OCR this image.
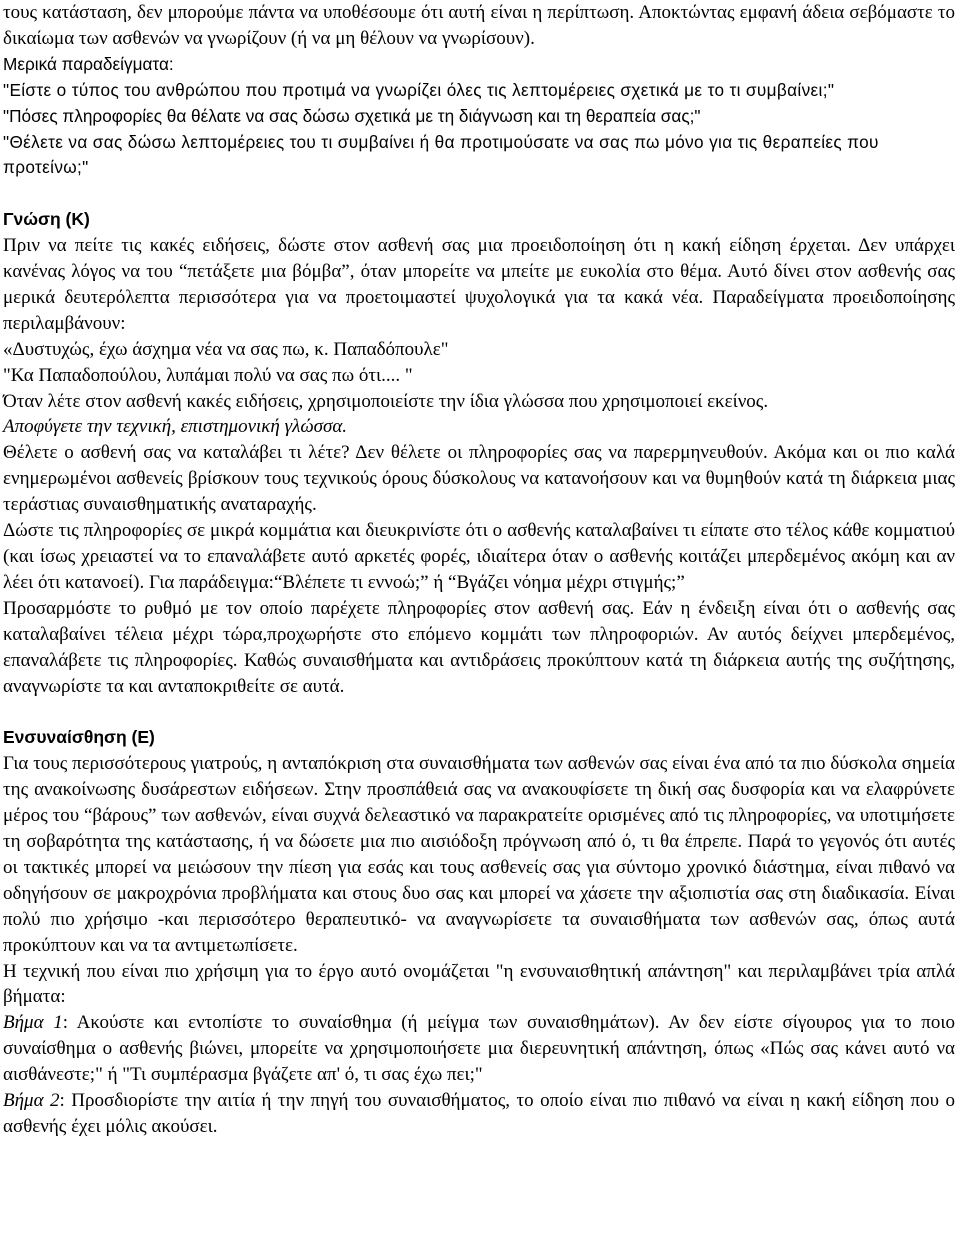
τους κατάσταση, δεν μπορούμε πάντα να υποθέσουμε ότι αυτή είναι η περίπτωση. Αποκτώντας εμφανή άδεια σεβόμαστε το δικαίωμα των ασθενών να γνωρίζουν (ή να μη θέλουν να γνωρίσουν).

Μερικά παραδείγματα:

"Είστε ο τύπος του ανθρώπου που προτιμά να γνωρίζει όλες τις λεπτομέρειες σχετικά με το τι συμβαίνει;"

"Πόσες πληροφορίες θα θέλατε να σας δώσω σχετικά με τη διάγνωση και τη θεραπεία σας;"

"Θέλετε να σας δώσω λεπτομέρειες του τι συμβαίνει ή θα προτιμούσατε να σας πω μόνο για τις θεραπείες που προτείνω;"

Γνώση (Κ)

Πριν να πείτε τις κακές ειδήσεις, δώστε στον ασθενή σας μια προειδοποίηση ότι η κακή είδηση έρχεται. Δεν υπάρχει κανένας λόγος να του “πετάξετε μια βόμβα”, όταν μπορείτε να μπείτε με ευκολία στο θέμα. Αυτό δίνει στον ασθενής σας μερικά δευτερόλεπτα περισσότερα για να προετοιμαστεί ψυχολογικά για τα κακά νέα. Παραδείγματα προειδοποίησης περιλαμβάνουν:

«Δυστυχώς, έχω άσχημα νέα να σας πω, κ. Παπαδόπουλε"

"Κα Παπαδοπούλου, λυπάμαι πολύ να σας πω ότι.... "

Όταν λέτε στον ασθενή κακές ειδήσεις, χρησιμοποιείστε την ίδια γλώσσα που χρησιμοποιεί εκείνος.

Αποφύγετε την τεχνική, επιστημονική γλώσσα.

Θέλετε ο ασθενή σας να καταλάβει τι λέτε? Δεν θέλετε οι πληροφορίες σας να παρερμηνευθούν. Ακόμα και οι πιο καλά ενημερωμένοι ασθενείς βρίσκουν τους τεχνικούς όρους δύσκολους να κατανοήσουν και να θυμηθούν κατά τη διάρκεια μιας τεράστιας συναισθηματικής αναταραχής.

Δώστε τις πληροφορίες σε μικρά κομμάτια και διευκρινίστε ότι ο ασθενής καταλαβαίνει τι είπατε στο τέλος κάθε κομματιού (και ίσως χρειαστεί να το επαναλάβετε αυτό αρκετές φορές, ιδιαίτερα όταν ο ασθενής κοιτάζει μπερδεμένος ακόμη και αν λέει ότι κατανοεί). Για παράδειγμα:“Βλέπετε τι εννοώ;” ή “Βγάζει νόημα μέχρι στιγμής;”

Προσαρμόστε το ρυθμό με τον οποίο παρέχετε πληροφορίες στον ασθενή σας. Εάν η ένδειξη είναι ότι ο ασθενής σας καταλαβαίνει τέλεια μέχρι τώρα,προχωρήστε στο επόμενο κομμάτι των πληροφοριών. Αν αυτός δείχνει μπερδεμένος, επαναλάβετε τις πληροφορίες. Καθώς συναισθήματα και αντιδράσεις προκύπτουν κατά τη διάρκεια αυτής της συζήτησης, αναγνωρίστε τα και ανταποκριθείτε σε αυτά.

Ενσυναίσθηση (Ε)

Για τους περισσότερους γιατρούς, η ανταπόκριση στα συναισθήματα των ασθενών σας είναι ένα από τα πιο δύσκολα σημεία της ανακοίνωσης δυσάρεστων ειδήσεων. Στην προσπάθειά σας να ανακουφίσετε τη δική σας δυσφορία και να ελαφρύνετε μέρος του “βάρους” των ασθενών, είναι συχνά δελεαστικό να παρακρατείτε ορισμένες από τις πληροφορίες, να υποτιμήσετε τη σοβαρότητα της κατάστασης, ή να δώσετε μια πιο αισιόδοξη πρόγνωση από ό, τι θα έπρεπε. Παρά το γεγονός ότι αυτές οι τακτικές μπορεί να μειώσουν την πίεση για εσάς και τους ασθενείς σας για σύντομο χρονικό διάστημα, είναι πιθανό να οδηγήσουν σε μακροχρόνια προβλήματα και στους δυο σας και μπορεί να χάσετε την αξιοπιστία σας στη διαδικασία. Είναι πολύ πιο χρήσιμο -και περισσότερο θεραπευτικό- να αναγνωρίσετε τα συναισθήματα των ασθενών σας, όπως αυτά προκύπτουν και να τα αντιμετωπίσετε.

Η τεχνική που είναι πιο χρήσιμη για το έργο αυτό ονομάζεται "η ενσυναισθητική απάντηση" και περιλαμβάνει τρία απλά βήματα:

Βήμα 1: Ακούστε και εντοπίστε το συναίσθημα (ή μείγμα των συναισθημάτων). Αν δεν είστε σίγουρος για το ποιο συναίσθημα ο ασθενής βιώνει, μπορείτε να χρησιμοποιήσετε μια διερευνητική απάντηση, όπως «Πώς σας κάνει αυτό να αισθάνεστε;" ή "Τι συμπέρασμα βγάζετε απ' ό, τι σας έχω πει;"

Βήμα 2: Προσδιορίστε την αιτία ή την πηγή του συναισθήματος, το οποίο είναι πιο πιθανό να είναι η κακή είδηση που ο ασθενής έχει μόλις ακούσει.
